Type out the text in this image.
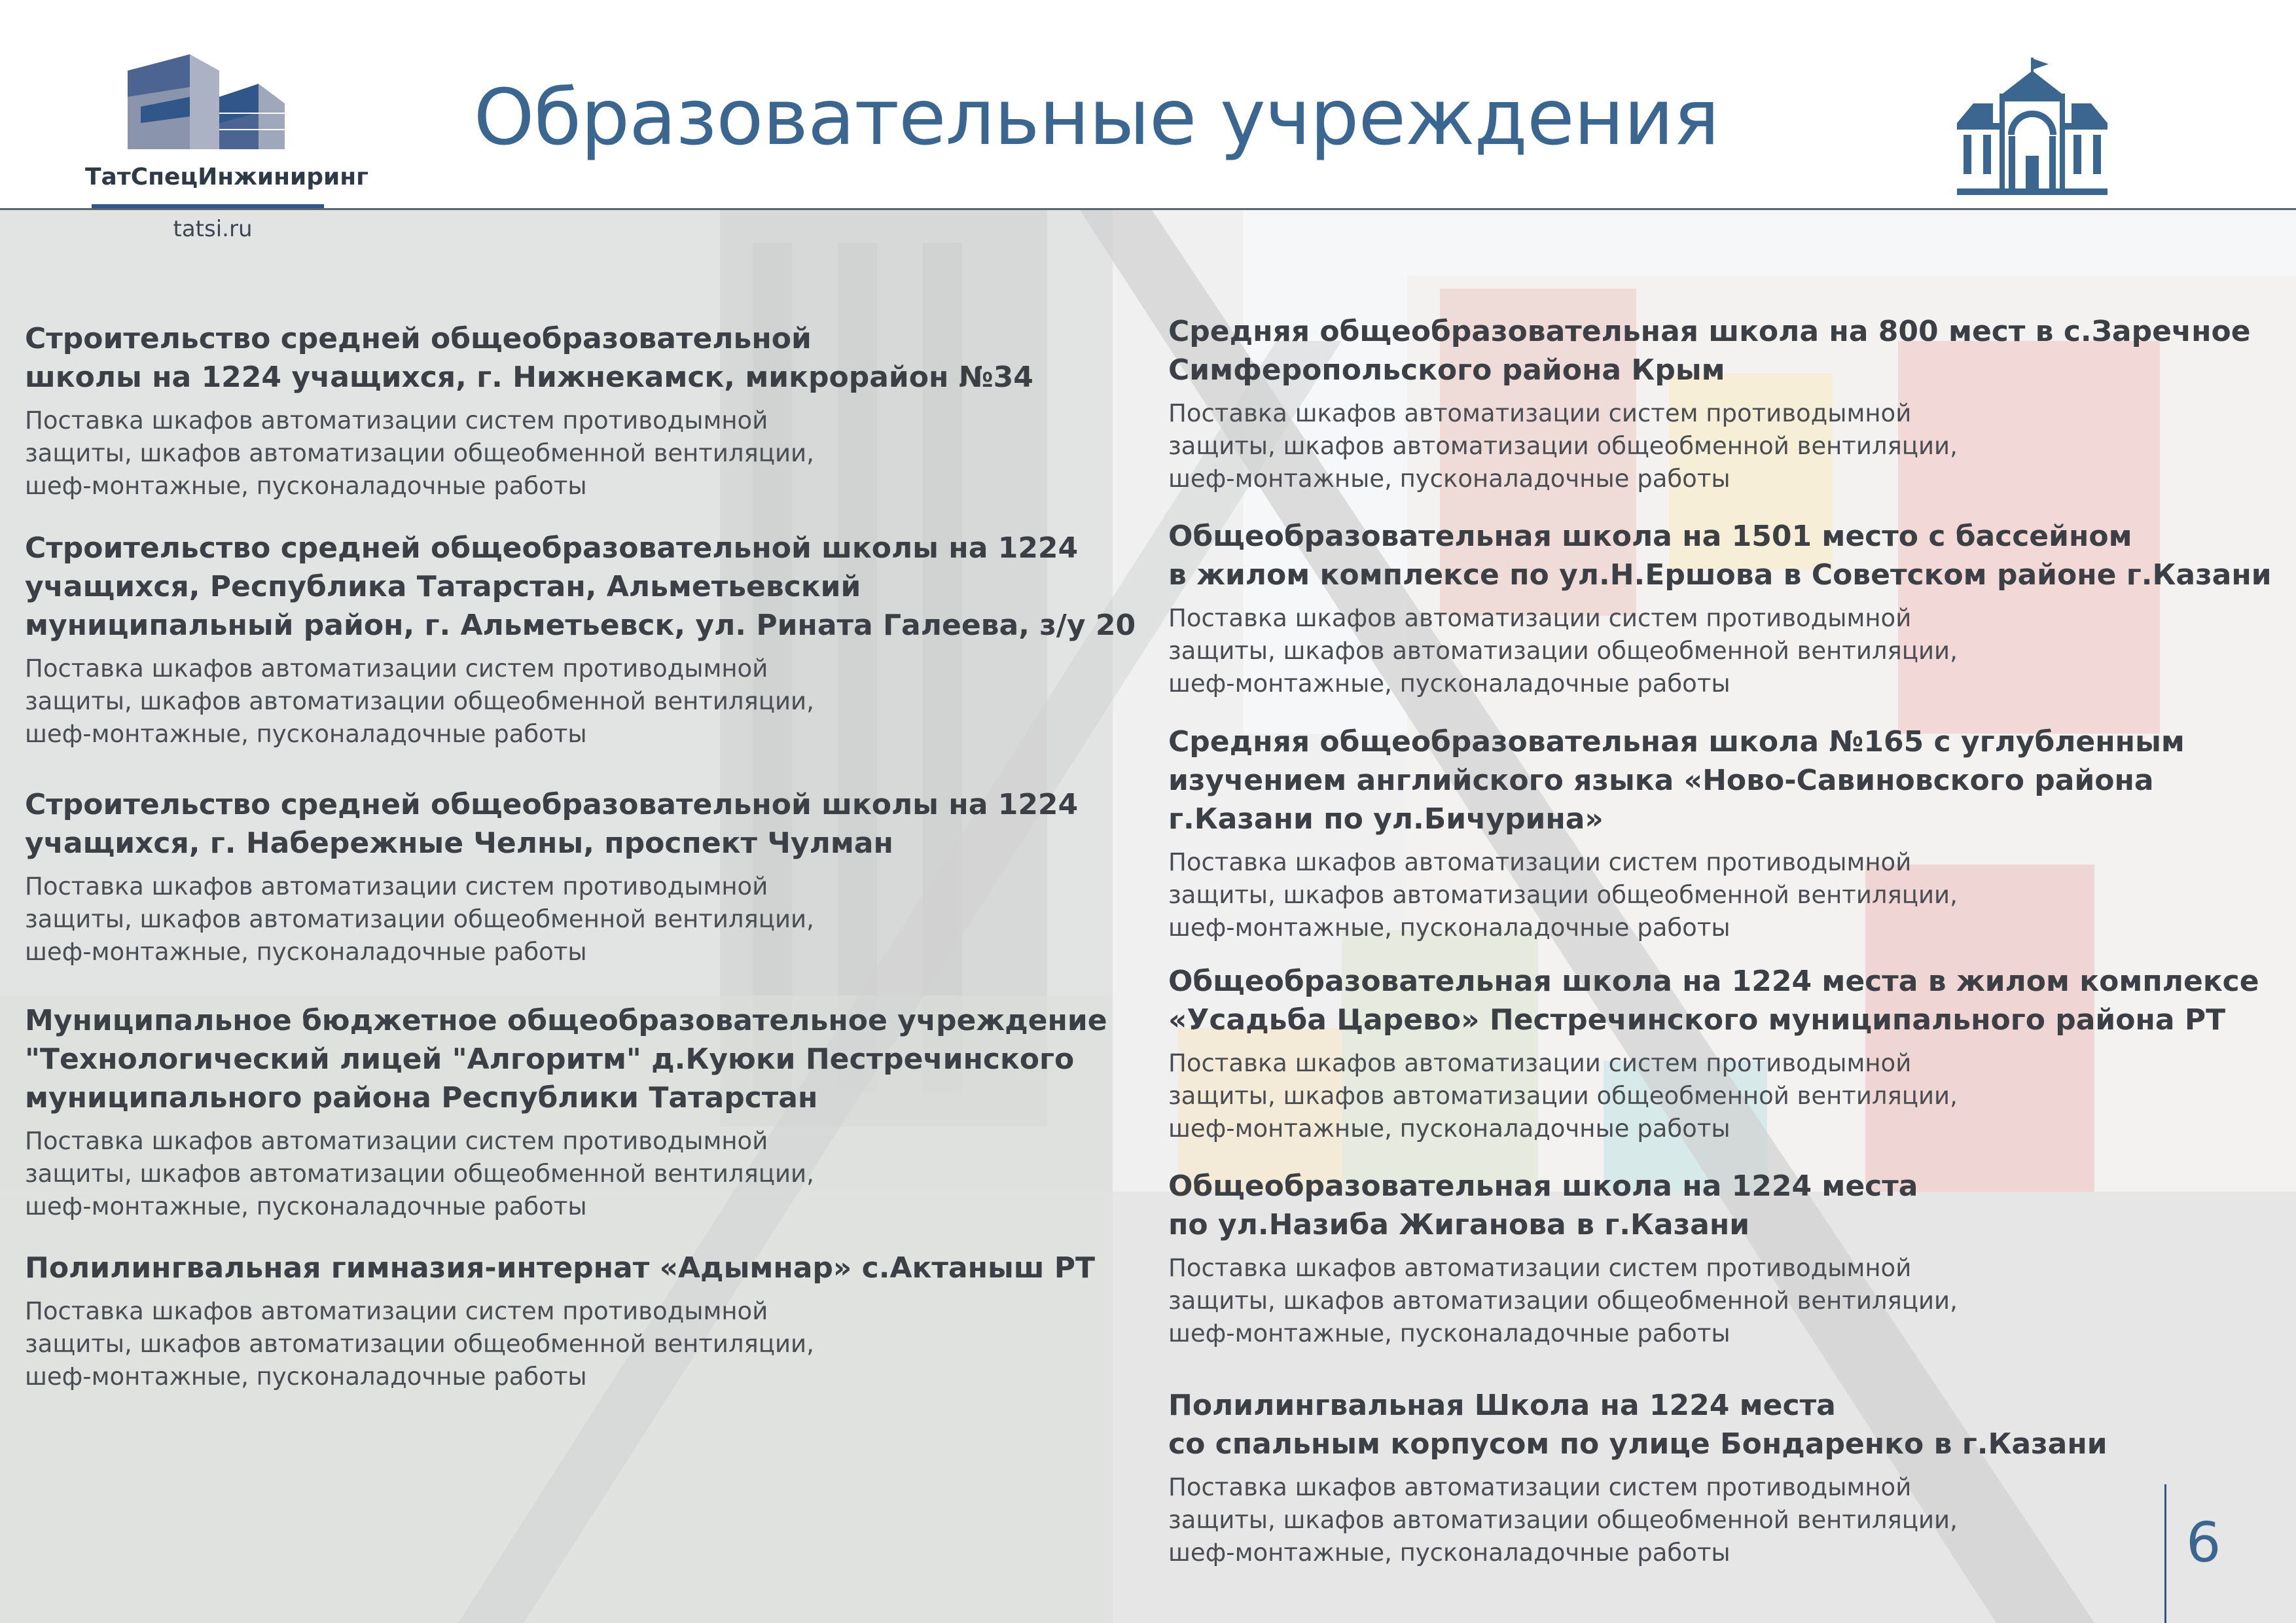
ТатСпецИнжиниринг
Образовательные учреждения
tatsi.ru

Строительство средней общеобразовательной
школы на 1224 учащихся, г. Нижнекамск, микрорайон №34

Поставка шкафов автоматизации систем противодымной
защиты, шкафов автоматизации общеобменной вентиляции,
шеф-монтажные, пусконаладочные работы

Строительство средней общеобразовательной школы на 1224
учащихся, Республика Татарстан, Альметьевский
муниципальный район, г. Альметьевск, ул. Рината Галеева, з/у 20

Поставка шкафов автоматизации систем противодымной
защиты, шкафов автоматизации общеобменной вентиляции,
шеф-монтажные, пусконаладочные работы

Строительство средней общеобразовательной школы на 1224
учащихся, г. Набережные Челны, проспект Чулман

Поставка шкафов автоматизации систем противодымной
защиты, шкафов автоматизации общеобменной вентиляции,
шеф-монтажные, пусконаладочные работы

Муниципальное бюджетное общеобразовательное учреждение
"Технологический лицей "Алгоритм" д.Куюки Пестречинского
муниципального района Республики Татарстан

Поставка шкафов автоматизации систем противодымной
защиты, шкафов автоматизации общеобменной вентиляции,
шеф-монтажные, пусконаладочные работы

Полилингвальная гимназия-интернат «Адымнар» с.Актаныш РТ

Поставка шкафов автоматизации систем противодымной
защиты, шкафов автоматизации общеобменной вентиляции,
шеф-монтажные, пусконаладочные работы

Средняя общеобразовательная школа на 800 мест в с.Заречное
Симферопольского района Крым

Поставка шкафов автоматизации систем противодымной
защиты, шкафов автоматизации общеобменной вентиляции,
шеф-монтажные, пусконаладочные работы

Общеобразовательная школа на 1501 место с бассейном
в жилом комплексе по ул.Н.Ершова в Советском районе г.Казани

Поставка шкафов автоматизации систем противодымной
защиты, шкафов автоматизации общеобменной вентиляции,
шеф-монтажные, пусконаладочные работы

Средняя общеобразовательная школа №165 с углубленным
изучением английского языка «Ново-Савиновского района
г.Казани по ул.Бичурина»

Поставка шкафов автоматизации систем противодымной
защиты, шкафов автоматизации общеобменной вентиляции,
шеф-монтажные, пусконаладочные работы

Общеобразовательная школа на 1224 места в жилом комплексе
«Усадьба Царево» Пестречинского муниципального района РТ

Поставка шкафов автоматизации систем противодымной
защиты, шкафов автоматизации общеобменной вентиляции,
шеф-монтажные, пусконаладочные работы

Общеобразовательная школа на 1224 места
по ул.Назиба Жиганова в г.Казани

Поставка шкафов автоматизации систем противодымной
защиты, шкафов автоматизации общеобменной вентиляции,
шеф-монтажные, пусконаладочные работы

Полилингвальная Школа на 1224 места
со спальным корпусом по улице Бондаренко в г.Казани

Поставка шкафов автоматизации систем противодымной
защиты, шкафов автоматизации общеобменной вентиляции,
шеф-монтажные, пусконаладочные работы	6
